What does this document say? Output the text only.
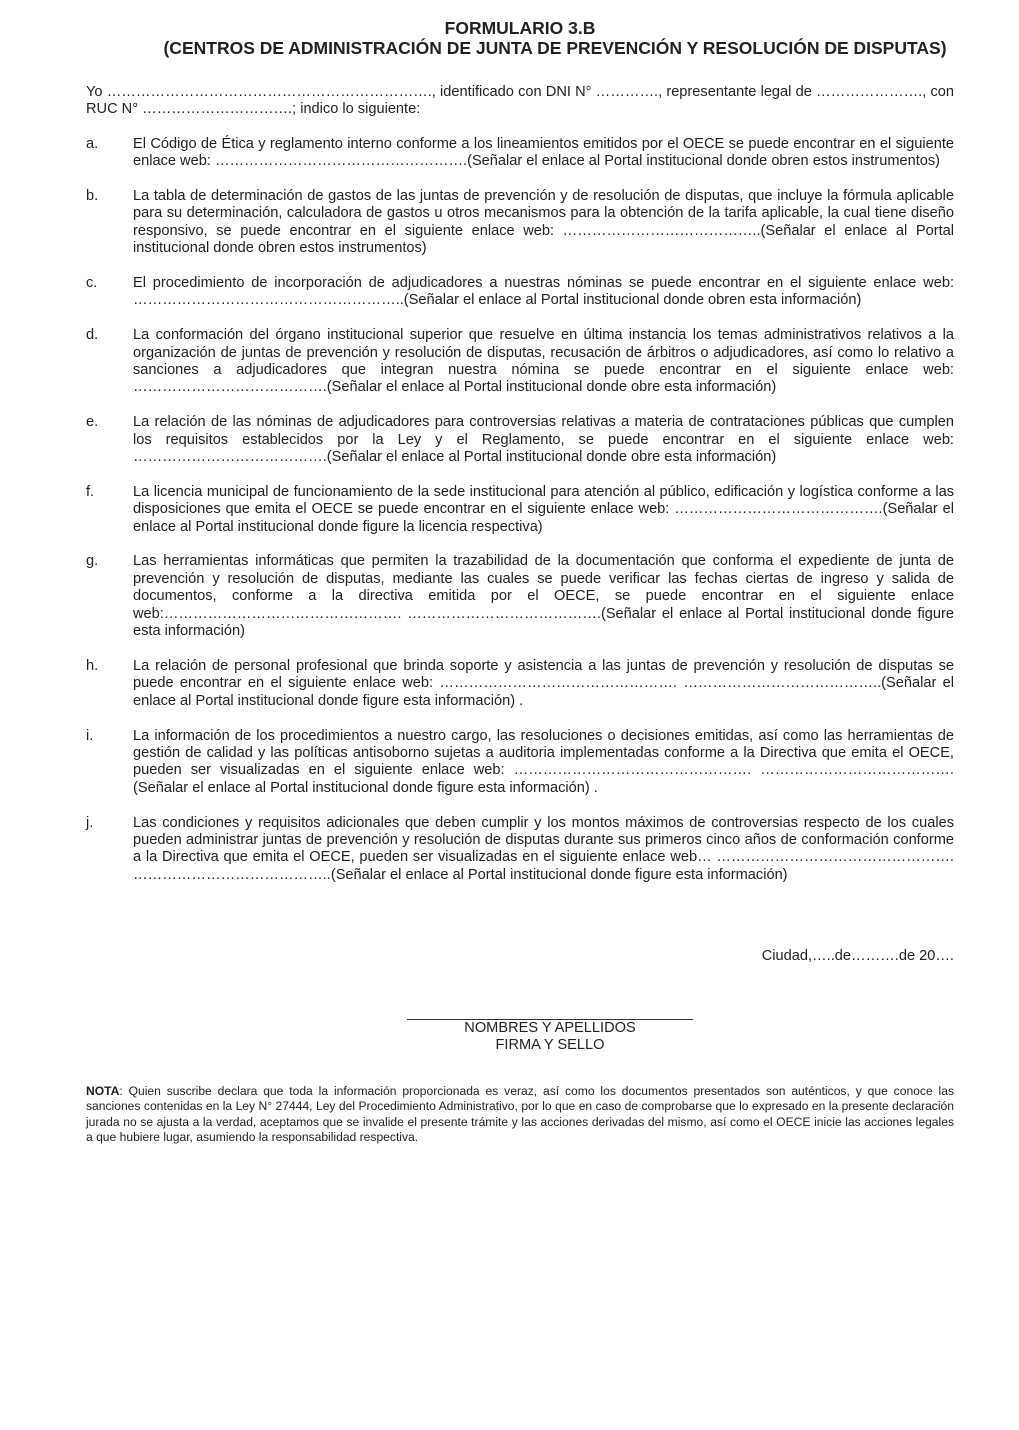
FORMULARIO 3.B
(CENTROS DE ADMINISTRACIÓN DE JUNTA DE PREVENCIÓN Y RESOLUCIÓN DE DISPUTAS)
Yo …………………………………………………………., identificado con DNI N° …………., representante legal de …………………., con RUC N° ………………………….; indico lo siguiente:
a. El Código de Ética y reglamento interno conforme a los lineamientos emitidos por el OECE se puede encontrar en el siguiente enlace web: …………………………………………….(Señalar el enlace al Portal institucional donde obren estos instrumentos)
b. La tabla de determinación de gastos de las juntas de prevención y de resolución de disputas, que incluye la fórmula aplicable para su determinación, calculadora de gastos u otros mecanismos para la obtención de la tarifa aplicable, la cual tiene diseño responsivo, se puede encontrar en el siguiente enlace web: …………………………………..(Señalar el enlace al Portal institucional donde obren estos instrumentos)
c. El procedimiento de incorporación de adjudicadores a nuestras nóminas se puede encontrar en el siguiente enlace web: ………………………………………………..(Señalar el enlace al Portal institucional donde obren esta información)
d. La conformación del órgano institucional superior que resuelve en última instancia los temas administrativos relativos a la organización de juntas de prevención y resolución de disputas, recusación de árbitros o adjudicadores, así como lo relativo a sanciones a adjudicadores que integran nuestra nómina se puede encontrar en el siguiente enlace web: ………………………………….(Señalar el enlace al Portal institucional donde obre esta información)
e. La relación de las nóminas de adjudicadores para controversias relativas a materia de contrataciones públicas que cumplen los requisitos establecidos por la Ley y el Reglamento, se puede encontrar en el siguiente enlace web: ………………………………….(Señalar el enlace al Portal institucional donde obre esta información)
f.	La licencia municipal de funcionamiento de la sede institucional para atención al público, edificación y logística conforme a las disposiciones que emita el OECE se puede encontrar en el siguiente enlace web: …………………………………….(Señalar el enlace al Portal institucional donde figure la licencia respectiva)
g. Las herramientas informáticas que permiten la trazabilidad de la documentación que conforma el expediente de junta de prevención y resolución de disputas, mediante las cuales se puede verificar las fechas ciertas de ingreso y salida de documentos, conforme a la directiva emitida por el OECE, se puede encontrar en el siguiente enlace web:…………………………………………. ………………………………….(Señalar el enlace al Portal institucional donde figure esta información)
h. La relación de personal profesional que brinda soporte y asistencia a las juntas de prevención y resolución de disputas se puede encontrar en el siguiente enlace web: …………………………………………. …………………………………..(Señalar el enlace al Portal institucional donde figure esta información) .
i.	La información de los procedimientos a nuestro cargo, las resoluciones o decisiones emitidas, así como las herramientas de gestión de calidad y las políticas antisoborno sujetas a auditoria implementadas conforme a la Directiva que emita el OECE, pueden ser visualizadas en el siguiente enlace web: …………………………………………. ………………………………….(Señalar el enlace al Portal institucional donde figure esta información) .
j.	Las condiciones y requisitos adicionales que deben cumplir y los montos máximos de controversias respecto de los cuales pueden administrar juntas de prevención y resolución de disputas durante sus primeros cinco años de conformación conforme a la Directiva que emita el OECE, pueden ser visualizadas en el siguiente enlace web… …………………………………………. …………………………………..(Señalar el enlace al Portal institucional donde figure esta información)
Ciudad,…..de……….de 20….
NOMBRES Y APELLIDOS
FIRMA Y SELLO
NOTA: Quien suscribe declara que toda la información proporcionada es veraz, así como los documentos presentados son auténticos, y que conoce las sanciones contenidas en la Ley N° 27444, Ley del Procedimiento Administrativo, por lo que en caso de comprobarse que lo expresado en la presente declaración jurada no se ajusta a la verdad, aceptamos que se invalide el presente trámite y las acciones derivadas del mismo, así como el OECE inicie las acciones legales a que hubiere lugar, asumiendo la responsabilidad respectiva.
